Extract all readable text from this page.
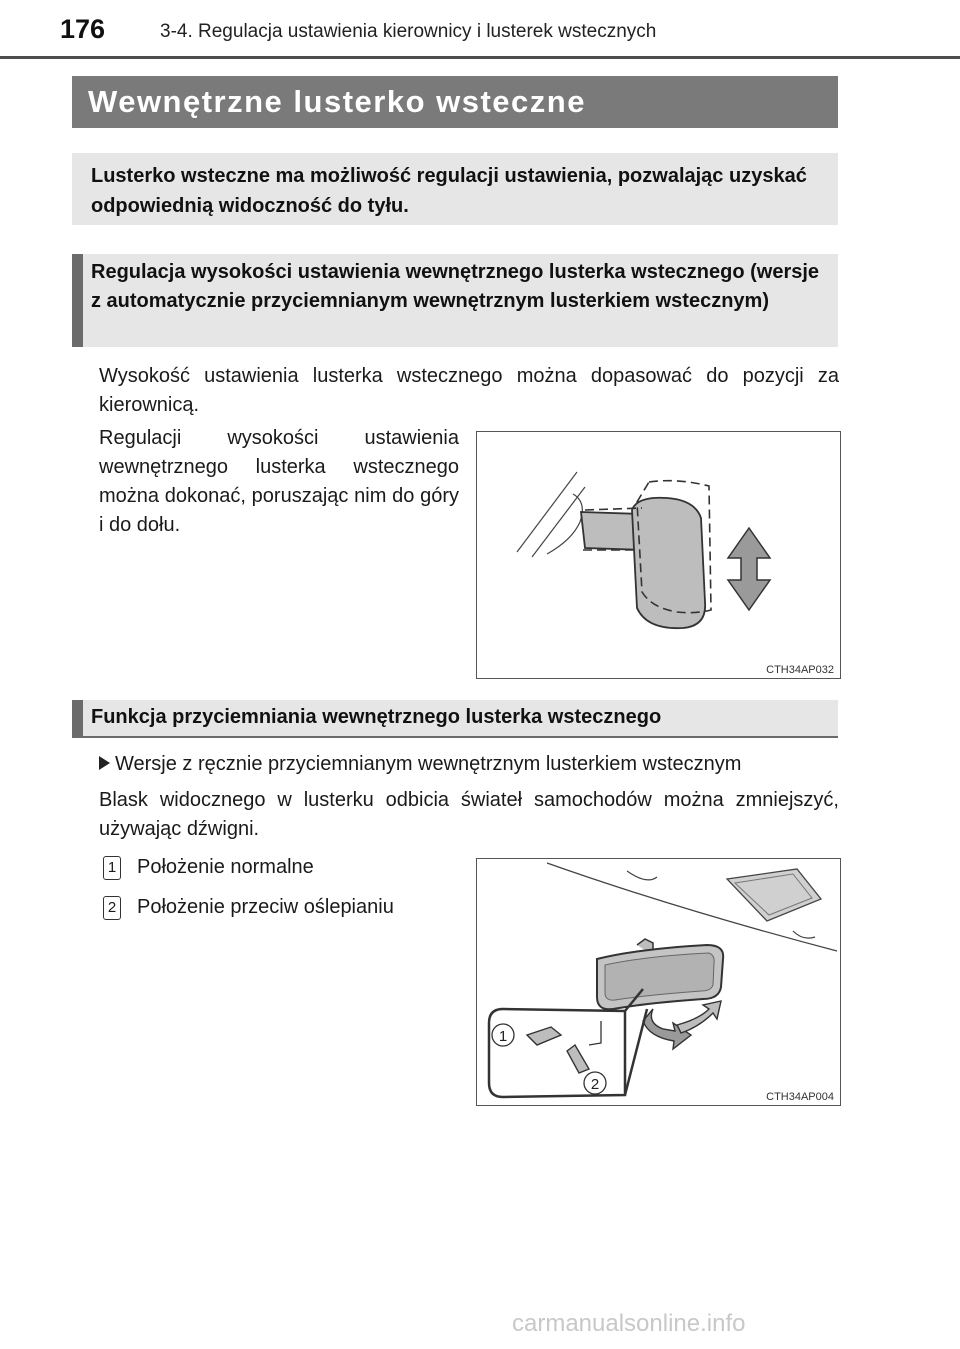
176	3-4. Regulacja ustawienia kierownicy i lusterek wstecznych
Wewnętrzne lusterko wsteczne
Lusterko wsteczne ma możliwość regulacji ustawienia, pozwalając uzyskać odpowiednią widoczność do tyłu.
Regulacja wysokości ustawienia wewnętrznego lusterka wstecznego (wersje z automatycznie przyciemnianym wewnętrznym lusterkiem wstecznym)
Wysokość ustawienia lusterka wstecznego można dopasować do pozycji za kierownicą.
Regulacji wysokości ustawienia wewnętrznego lusterka wstecznego można dokonać, poruszając nim do góry i do dołu.
CTH34AP032
Funkcja przyciemniania wewnętrznego lusterka wstecznego
Wersje z ręcznie przyciemnianym wewnętrznym lusterkiem wstecznym
Blask widocznego w lusterku odbicia świateł samochodów można zmniejszyć, używając dźwigni.
1 Położenie normalne
2 Położenie przeciw oślepianiu
1
2
CTH34AP004
carmanualsonline.info
